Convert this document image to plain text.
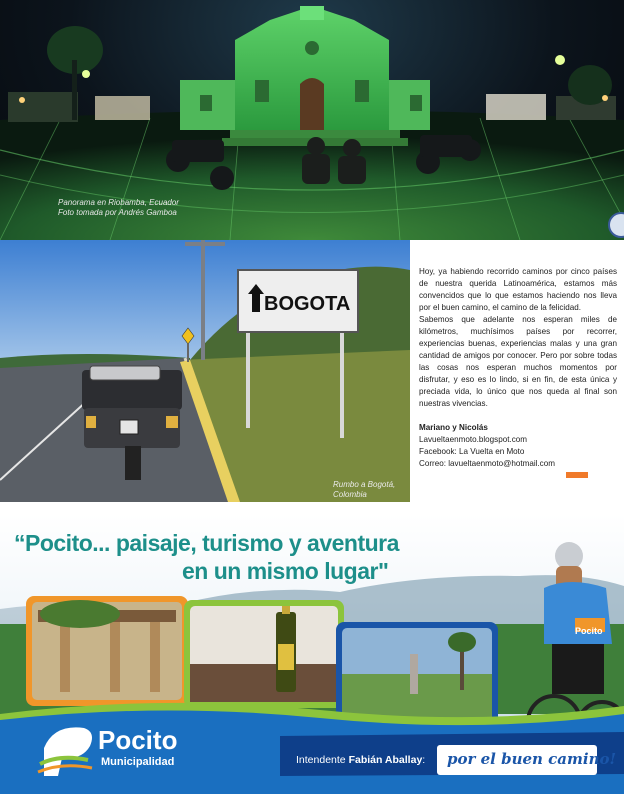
Panorama en Riobamba, Ecuador
Foto tomada por Andrés Gamboa
BOGOTA
Rumbo a Bogotá, Colombia

Hoy, ya habiendo recorrido caminos por cinco países de nuestra querida Latinoamérica, estamos más convencidos que lo que estamos haciendo nos lleva por el buen camino, el camino de la felicidad.

Sabemos que adelante nos esperan miles de kilómetros, muchísimos países por recorrer, experiencias buenas, experiencias malas y una gran cantidad de amigos por conocer. Pero por sobre todas las cosas nos esperan muchos momentos por disfrutar, y eso es lo lindo, si en fin, de esta única y preciada vida, lo único que nos queda al final son nuestras vivencias.

Mariano y Nicolás
Lavueltaenmoto.blogspot.com
Facebook: La Vuelta en Moto
Correo: lavueltaenmoto@hotmail.com
Pocito
“Pocito... paisaje, turismo y aventura
en un mismo lugar"
Pocito
Municipalidad	Intendente Fabián Aballay: por el buen camino!
